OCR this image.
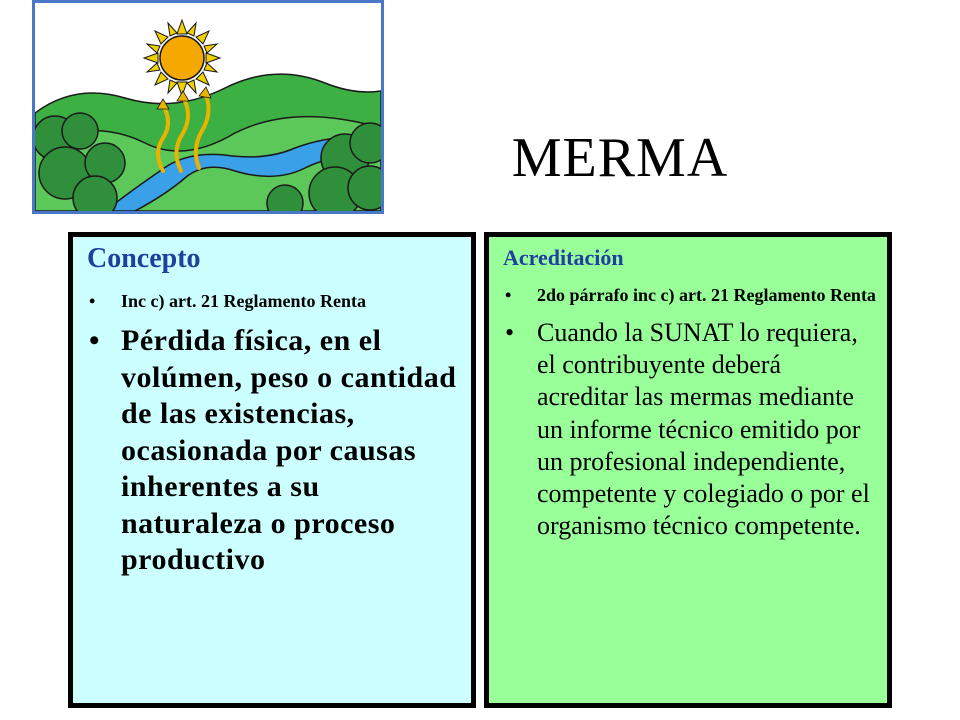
MERMA
Concepto
• Inc c) art. 21 Reglamento Renta
• Pérdida física, en el volúmen, peso o cantidad de las existencias, ocasionada por causas inherentes a su naturaleza o proceso productivo
Acreditación
• 2do párrafo inc c) art. 21 Reglamento Renta
• Cuando la SUNAT lo requiera, el contribuyente deberá acreditar las mermas mediante un informe técnico emitido por un profesional independiente, competente y colegiado o por el organismo técnico competente.
